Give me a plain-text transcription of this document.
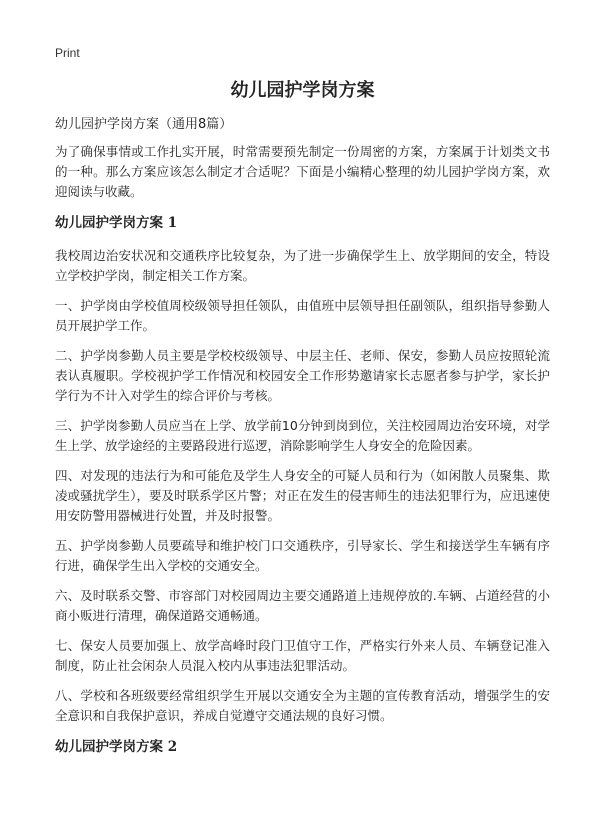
Print
幼儿园护学岗方案

幼儿园护学岗方案（通用8篇）

为了确保事情或工作扎实开展，时常需要预先制定一份周密的方案，方案属于计划类文书的一种。那么方案应该怎么制定才合适呢？下面是小编精心整理的幼儿园护学岗方案，欢迎阅读与收藏。

幼儿园护学岗方案 1

我校周边治安状况和交通秩序比较复杂，为了进一步确保学生上、放学期间的安全，特设立学校护学岗，制定相关工作方案。

一、护学岗由学校值周校级领导担任领队，由值班中层领导担任副领队，组织指导参勤人员开展护学工作。

二、护学岗参勤人员主要是学校校级领导、中层主任、老师、保安，参勤人员应按照轮流表认真履职。学校视护学工作情况和校园安全工作形势邀请家长志愿者参与护学，家长护学行为不计入对学生的综合评价与考核。

三、护学岗参勤人员应当在上学、放学前10分钟到岗到位，关注校园周边治安环境，对学生上学、放学途经的主要路段进行巡逻，消除影响学生人身安全的危险因素。

四、对发现的违法行为和可能危及学生人身安全的可疑人员和行为（如闲散人员聚集、欺凌或骚扰学生），要及时联系学区片警；对正在发生的侵害师生的违法犯罪行为，应迅速使用安防警用器械进行处置，并及时报警。

五、护学岗参勤人员要疏导和维护校门口交通秩序，引导家长、学生和接送学生车辆有序行进，确保学生出入学校的交通安全。

六、及时联系交警、市容部门对校园周边主要交通路道上违规停放的.车辆、占道经营的小商小贩进行清理，确保道路交通畅通。

七、保安人员要加强上、放学高峰时段门卫值守工作，严格实行外来人员、车辆登记准入制度，防止社会闲杂人员混入校内从事违法犯罪活动。

八、学校和各班级要经常组织学生开展以交通安全为主题的宣传教育活动，增强学生的安全意识和自我保护意识，养成自觉遵守交通法规的良好习惯。

幼儿园护学岗方案 2
